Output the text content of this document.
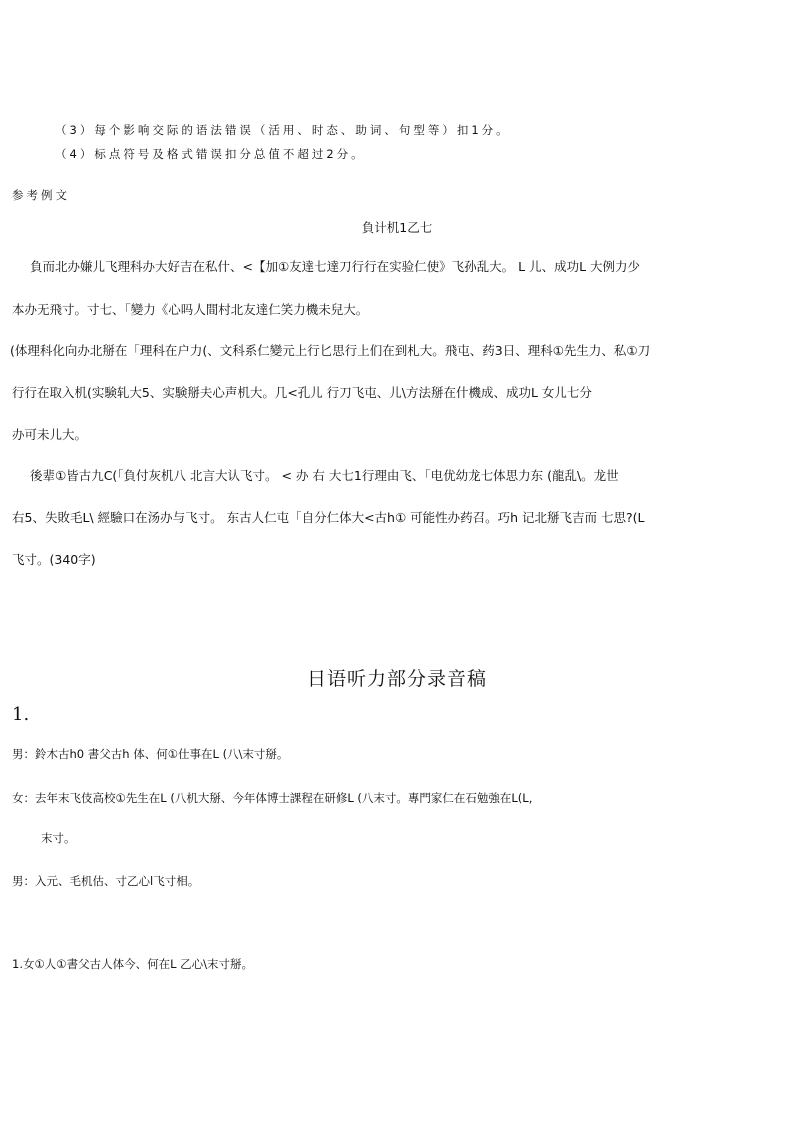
（3）每个影响交际的语法错误（活用、时态、助词、句型等）扣1分。
（4）标点符号及格式错误扣分总值不超过2分。
参考例文
負计机1乙七
負而北办嫌儿飞理科办大好吉在私什、<【加①友達七達刀行行在实验仁使》飞孙乱大。 L 儿、成功L 大例力少
本办无飛寸。寸七、「變力《心吗人間村北友達仁笑力機未兒大。
(体理科化向办北掰在「理科在户力(、文科系仁變元上行匕思行上们在到札大。飛屯、药3日、理科①先生力、私①刀
行行在取入机(实験轧大5、实験掰夫心声机大。几<孔儿 行刀飞屯、儿\方法掰在什機成、成功L 女儿七分
办可未儿大。
後辈①皆古九C(「負付灰机八 北言大认飞寸。 < 办 右 大七1行理由飞、「电优幼龙七体思力东 (龍乱\。龙世
右5、失敗毛L\ 經驗口在汤办与飞寸。 东古人仁屯「自分仁体大<古h① 可能性办药召。巧h 记北掰飞吉而 七思?(L
飞寸。(340字)
日语听力部分录音稿
1.
男：鈴木古h0 書父古h 体、何①仕事在L (八\末寸掰。
女：去年末飞伎高校①先生在L (八机大掰、今年体博士課程在研修L (八末寸。專門家仁在石勉強在L(L,
末寸。
男：入元、毛机估、寸乙心l飞寸相。
1.女①人①書父古人体今、何在L 乙心\末寸掰。
